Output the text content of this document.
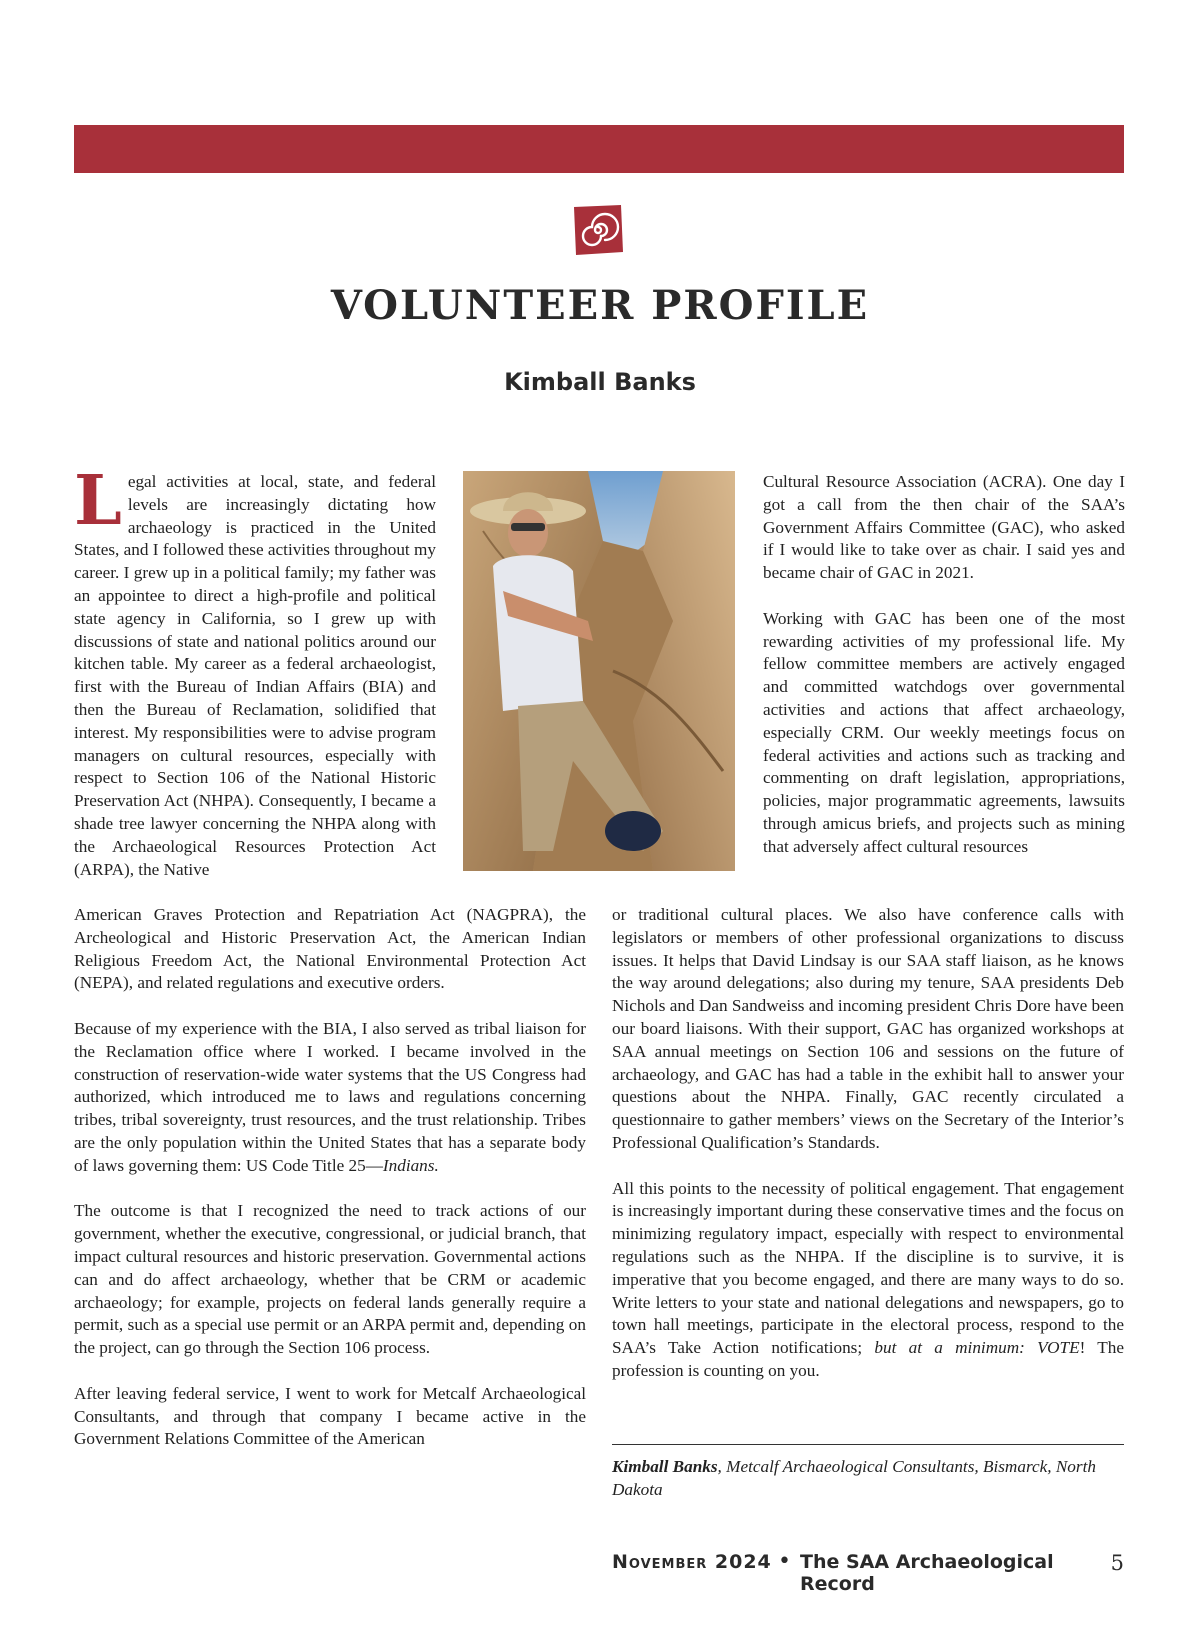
VOLUNTEER PROFILE
Kimball Banks

Legal activities at local, state, and federal levels are increasingly dictating how archaeology is practiced in the United States, and I followed these activities throughout my career. I grew up in a political family; my father was an appointee to direct a high-profile and political state agency in California, so I grew up with discussions of state and national politics around our kitchen table. My career as a federal archaeologist, first with the Bureau of Indian Affairs (BIA) and then the Bureau of Reclamation, solidified that interest. My responsibilities were to advise program managers on cultural resources, especially with respect to Section 106 of the National Historic Preservation Act (NHPA). Consequently, I became a shade tree lawyer concerning the NHPA along with the Archaeological Resources Protection Act (ARPA), the Native

American Graves Protection and Repatriation Act (NAGPRA), the Archeological and Historic Preservation Act, the American Indian Religious Freedom Act, the National Environmental Protection Act (NEPA), and related regulations and executive orders.

Because of my experience with the BIA, I also served as tribal liaison for the Reclamation office where I worked. I became involved in the construction of reservation-wide water systems that the US Congress had authorized, which introduced me to laws and regulations concerning tribes, tribal sovereignty, trust resources, and the trust relationship. Tribes are the only population within the United States that has a separate body of laws governing them: US Code Title 25—Indians.

The outcome is that I recognized the need to track actions of our government, whether the executive, congressional, or judicial branch, that impact cultural resources and historic preservation. Governmental actions can and do affect archaeology, whether that be CRM or academic archaeology; for example, projects on federal lands generally require a permit, such as a special use permit or an ARPA permit and, depending on the project, can go through the Section 106 process.

After leaving federal service, I went to work for Metcalf Archaeological Consultants, and through that company I became active in the Government Relations Committee of the American

Cultural Resource Association (ACRA). One day I got a call from the then chair of the SAA’s Government Affairs Committee (GAC), who asked if I would like to take over as chair. I said yes and became chair of GAC in 2021.

Working with GAC has been one of the most rewarding activities of my professional life. My fellow committee members are actively engaged and committed watchdogs over governmental activities and actions that affect archaeology, especially CRM. Our weekly meetings focus on federal activities and actions such as tracking and commenting on draft legislation, appropriations, policies, major programmatic agreements, lawsuits through amicus briefs, and projects such as mining that adversely affect cultural resources

or traditional cultural places. We also have conference calls with legislators or members of other professional organizations to discuss issues. It helps that David Lindsay is our SAA staff liaison, as he knows the way around delegations; also during my tenure, SAA presidents Deb Nichols and Dan Sandweiss and incoming president Chris Dore have been our board liaisons. With their support, GAC has organized workshops at SAA annual meetings on Section 106 and sessions on the future of archaeology, and GAC has had a table in the exhibit hall to answer your questions about the NHPA. Finally, GAC recently circulated a questionnaire to gather members’ views on the Secretary of the Interior’s Professional Qualification’s Standards.

All this points to the necessity of political engagement. That engagement is increasingly important during these conservative times and the focus on minimizing regulatory impact, especially with respect to environmental regulations such as the NHPA. If the discipline is to survive, it is imperative that you become engaged, and there are many ways to do so. Write letters to your state and national delegations and newspapers, go to town hall meetings, participate in the electoral process, respond to the SAA’s Take Action notifications; but at a minimum: VOTE! The profession is counting on you.

Kimball Banks, Metcalf Archaeological Consultants, Bismarck, North Dakota
November 2024 • The SAA Archaeological Record
5
